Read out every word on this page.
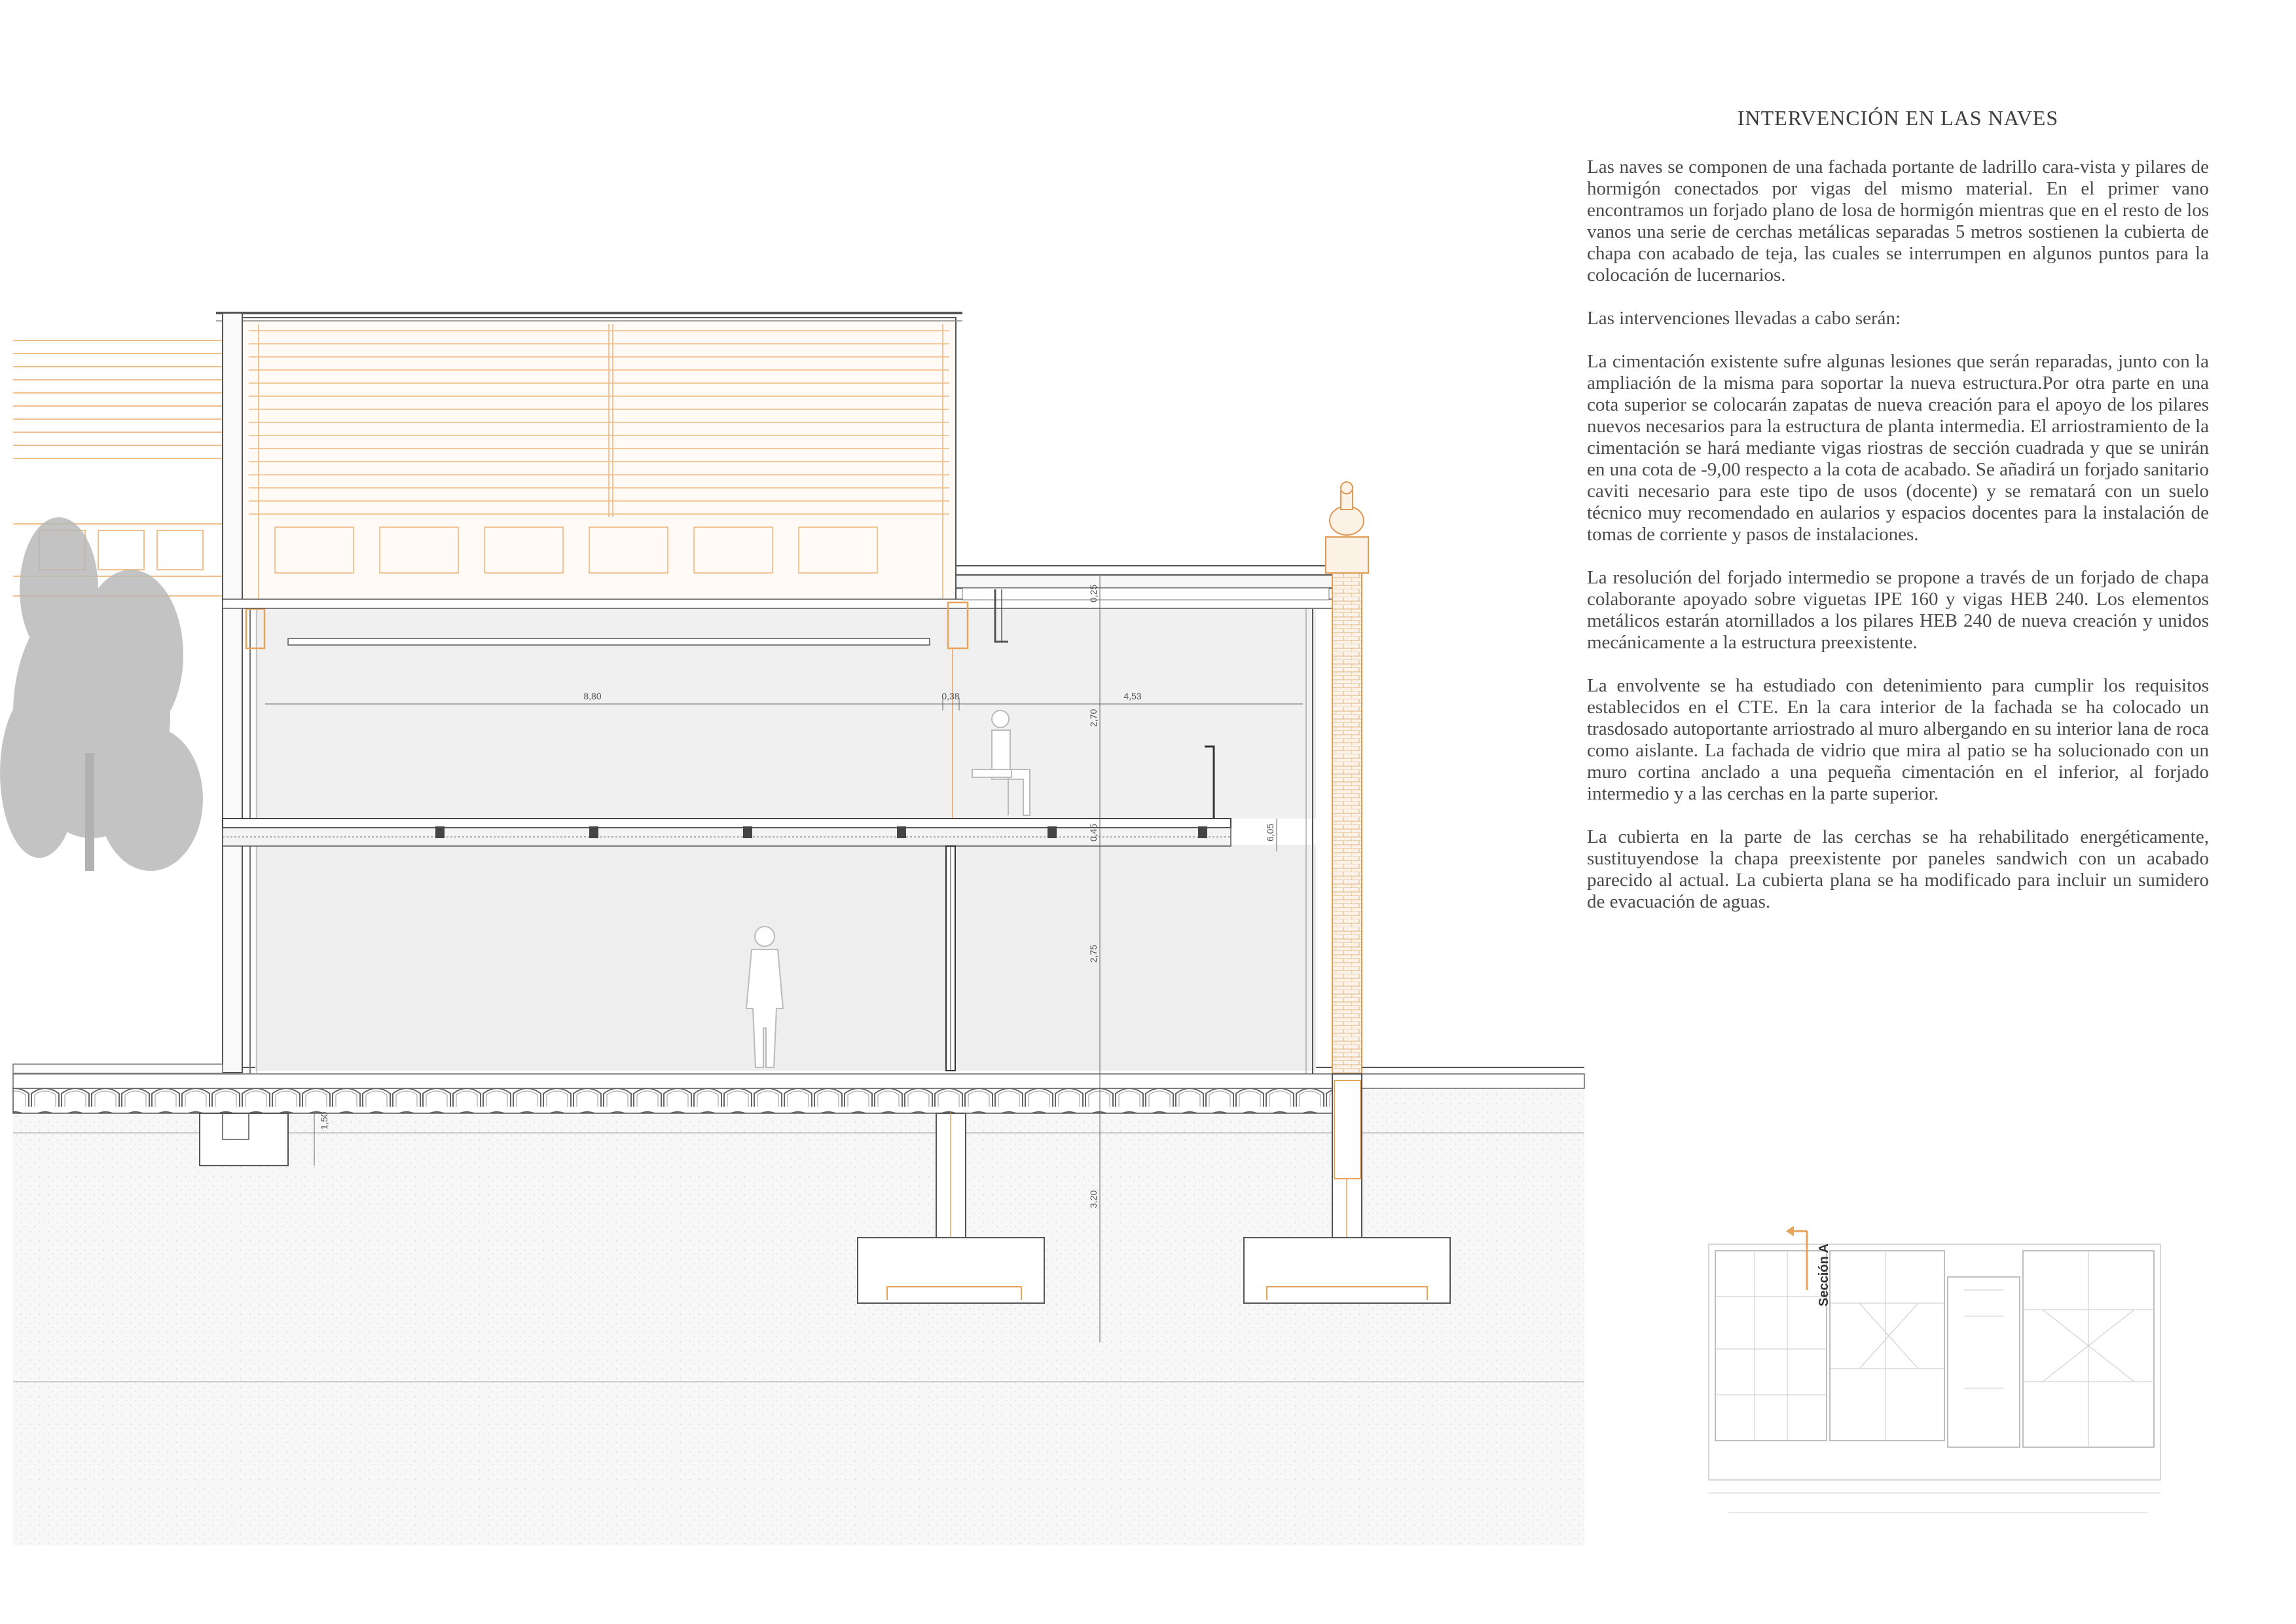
8,80	0,38	4,53
0,25
2,70
0,45	6,05
2,75
1,50
3,20
INTERVENCIÓN EN LAS NAVES

Las naves se componen de una fachada portante de ladrillo cara-vista y pilares de hormigón conectados por vigas del mismo material. En el primer vano encontramos un forjado plano de losa de hormigón mientras que en el resto de los vanos una serie de cerchas metálicas separadas 5 metros sostienen la cubierta de chapa con acabado de teja, las cuales se interrumpen en algunos puntos para la colocación de lucernarios.

Las intervenciones llevadas a cabo serán:

La cimentación existente sufre algunas lesiones que serán reparadas, junto con la ampliación de la misma para soportar la nueva estructura.Por otra parte en una cota superior se colocarán zapatas de nueva creación para el apoyo de los pilares nuevos necesarios para la estructura de planta intermedia. El arriostramiento de la cimentación se hará mediante vigas riostras de sección cuadrada y que se unirán en una cota de -9,00 respecto a la cota de acabado. Se añadirá un forjado sanitario caviti necesario para este tipo de usos (docente) y se rematará con un suelo técnico muy recomendado en aularios y espacios docentes para la instalación de tomas de corriente y pasos de instalaciones.

La resolución del forjado intermedio se propone a través de un forjado de chapa colaborante apoyado sobre viguetas IPE 160 y vigas HEB 240. Los elementos metálicos estarán atornillados a los pilares HEB 240 de nueva creación y unidos mecánicamente a la estructura preexistente.

La envolvente se ha estudiado con detenimiento para cumplir los requisitos establecidos en el CTE. En la cara interior de la fachada se ha colocado un trasdosado autoportante arriostrado al muro albergando en su interior lana de roca como aislante. La fachada de vidrio que mira al patio se ha solucionado con un muro cortina anclado a una pequeña cimentación en el inferior, al forjado intermedio y a las cerchas en la parte superior.

La cubierta en la parte de las cerchas se ha rehabilitado energéticamente, sustituyendose la chapa preexistente por paneles sandwich con un acabado parecido al actual. La cubierta plana se ha modificado para incluir un sumidero de evacuación de aguas.

Sección A
